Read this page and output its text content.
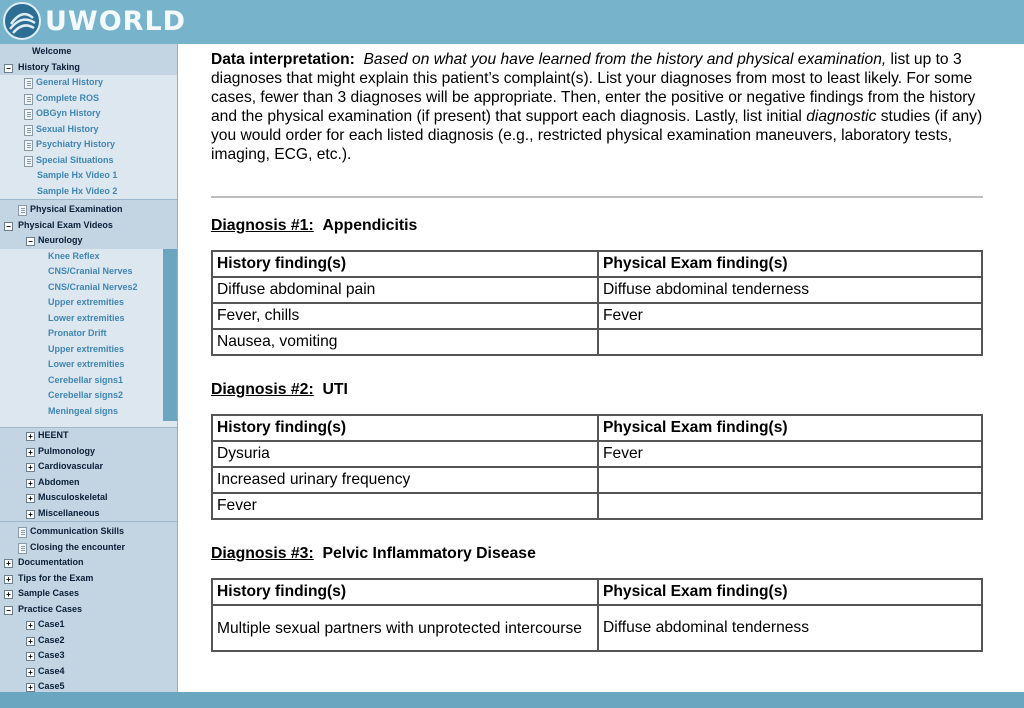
UWORLD
Welcome
− History Taking
General History
Complete ROS
OBGyn History
Sexual History
Psychiatry History
Special Situations
Sample Hx Video 1
Sample Hx Video 2
Physical Examination
− Physical Exam Videos
− Neurology
Knee Reflex
CNS/Cranial Nerves
CNS/Cranial Nerves2
Upper extremities
Lower extremities
Pronator Drift
Upper extremities
Lower extremities
Cerebellar signs1
Cerebellar signs2
Meningeal signs
+ HEENT
+ Pulmonology
+ Cardiovascular
+ Abdomen
+ Musculoskeletal
+ Miscellaneous
Communication Skills
Closing the encounter
+ Documentation
+ Tips for the Exam
+ Sample Cases
− Practice Cases
+ Case1
+ Case2
+ Case3
+ Case4
+ Case5
Data interpretation: Based on what you have learned from the history and physical examination, list up to 3 diagnoses that might explain this patient’s complaint(s). List your diagnoses from most to least likely. For some cases, fewer than 3 diagnoses will be appropriate. Then, enter the positive or negative findings from the history and the physical examination (if present) that support each diagnosis. Lastly, list initial diagnostic studies (if any) you would order for each listed diagnosis (e.g., restricted physical examination maneuvers, laboratory tests, imaging, ECG, etc.).
Diagnosis #1: Appendicitis
History finding(s)	Physical Exam finding(s)
Diffuse abdominal pain	Diffuse abdominal tenderness
Fever, chills	Fever
Nausea, vomiting	
Diagnosis #2: UTI
History finding(s)	Physical Exam finding(s)
Dysuria	Fever
Increased urinary frequency	
Fever	
Diagnosis #3: Pelvic Inflammatory Disease
History finding(s)	Physical Exam finding(s)
Multiple sexual partners with unprotected intercourse	Diffuse abdominal tenderness
